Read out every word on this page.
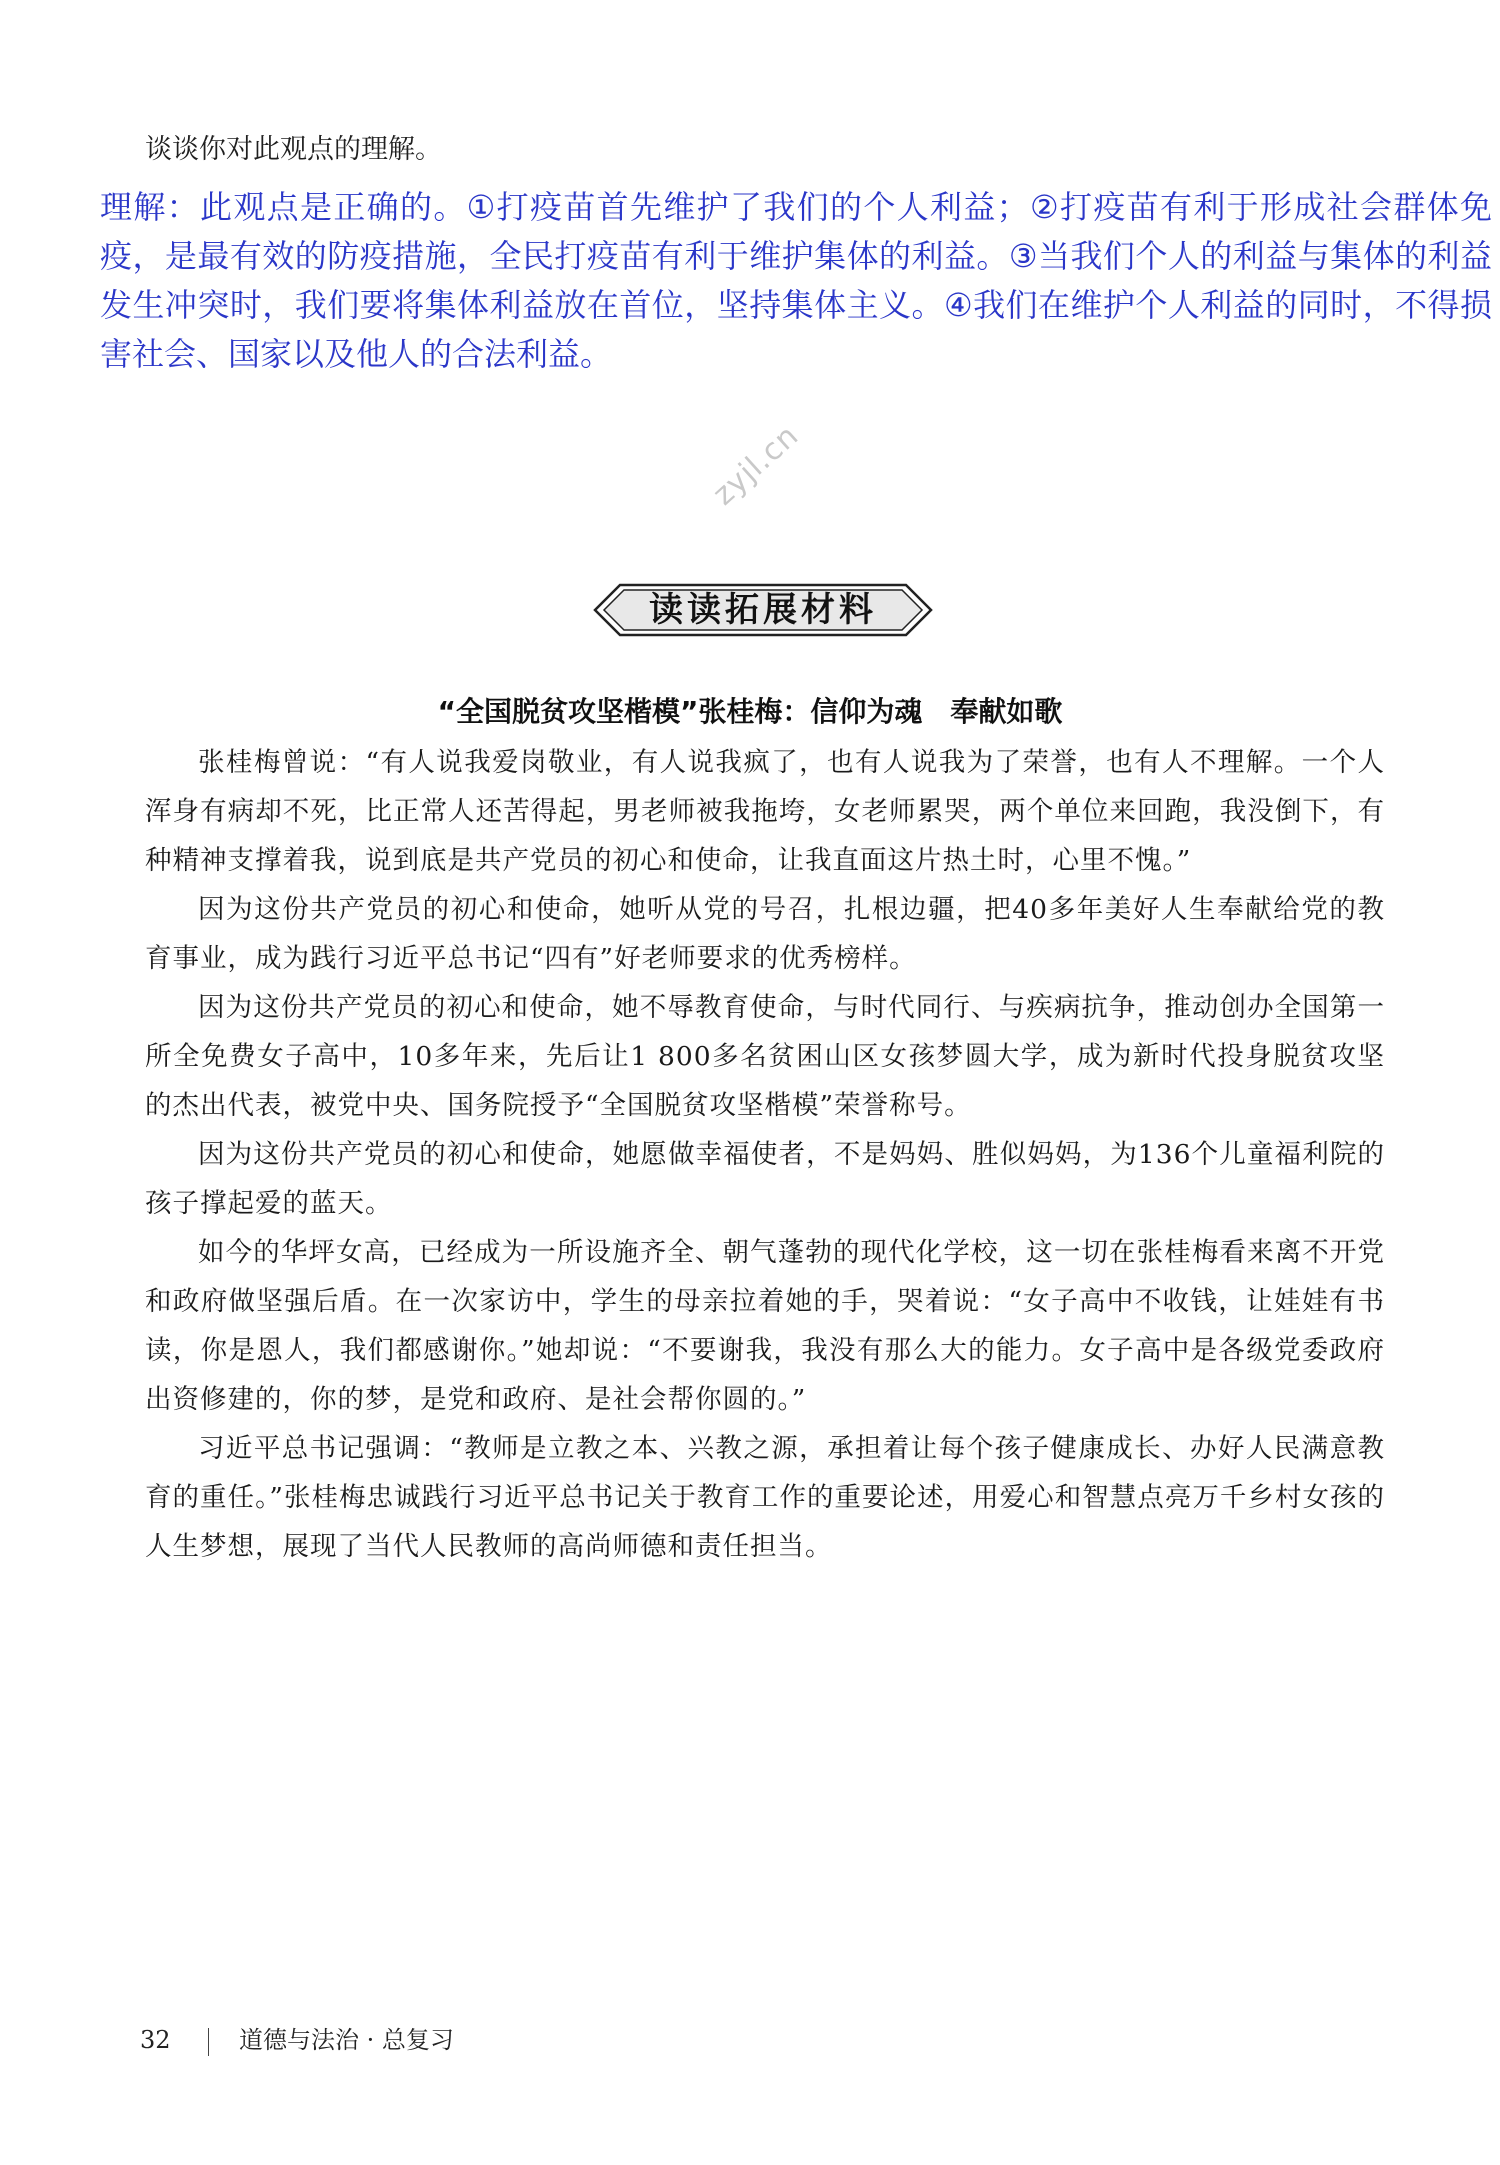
谈谈你对此观点的理解。
理解：此观点是正确的。①打疫苗首先维护了我们的个人利益；②打疫苗有利于形成社会群体免疫，是最有效的防疫措施，全民打疫苗有利于维护集体的利益。③当我们个人的利益与集体的利益发生冲突时，我们要将集体利益放在首位，坚持集体主义。④我们在维护个人利益的同时，不得损害社会、国家以及他人的合法利益。
zyjl.cn
读读拓展材料
“全国脱贫攻坚楷模”张桂梅：信仰为魂　奉献如歌

张桂梅曾说：“有人说我爱岗敬业，有人说我疯了，也有人说我为了荣誉，也有人不理解。一个人浑身有病却不死，比正常人还苦得起，男老师被我拖垮，女老师累哭，两个单位来回跑，我没倒下，有种精神支撑着我，说到底是共产党员的初心和使命，让我直面这片热土时，心里不愧。”

因为这份共产党员的初心和使命，她听从党的号召，扎根边疆，把40多年美好人生奉献给党的教育事业，成为践行习近平总书记“四有”好老师要求的优秀榜样。

因为这份共产党员的初心和使命，她不辱教育使命，与时代同行、与疾病抗争，推动创办全国第一所全免费女子高中，10多年来，先后让1 800多名贫困山区女孩梦圆大学，成为新时代投身脱贫攻坚的杰出代表，被党中央、国务院授予“全国脱贫攻坚楷模”荣誉称号。

因为这份共产党员的初心和使命，她愿做幸福使者，不是妈妈、胜似妈妈，为136个儿童福利院的孩子撑起爱的蓝天。

如今的华坪女高，已经成为一所设施齐全、朝气蓬勃的现代化学校，这一切在张桂梅看来离不开党和政府做坚强后盾。在一次家访中，学生的母亲拉着她的手，哭着说：“女子高中不收钱，让娃娃有书读，你是恩人，我们都感谢你。”她却说：“不要谢我，我没有那么大的能力。女子高中是各级党委政府出资修建的，你的梦，是党和政府、是社会帮你圆的。”

习近平总书记强调：“教师是立教之本、兴教之源，承担着让每个孩子健康成长、办好人民满意教育的重任。”张桂梅忠诚践行习近平总书记关于教育工作的重要论述，用爱心和智慧点亮万千乡村女孩的人生梦想，展现了当代人民教师的高尚师德和责任担当。

32	道德与法治 · 总复习
